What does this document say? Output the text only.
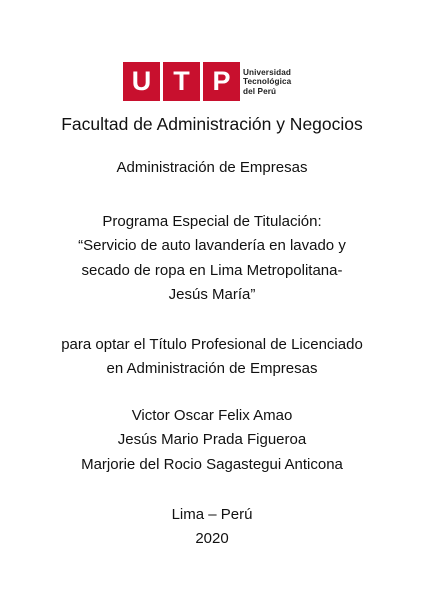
U T P	Universidad
Tecnológica
del Perú
Facultad de Administración y Negocios
Administración de Empresas
Programa Especial de Titulación:
“Servicio de auto lavandería en lavado y
secado de ropa en Lima Metropolitana-
Jesús María”
para optar el Título Profesional de Licenciado
en Administración de Empresas
Victor Oscar Felix Amao
Jesús Mario Prada Figueroa
Marjorie del Rocio Sagastegui Anticona
Lima – Perú
2020
